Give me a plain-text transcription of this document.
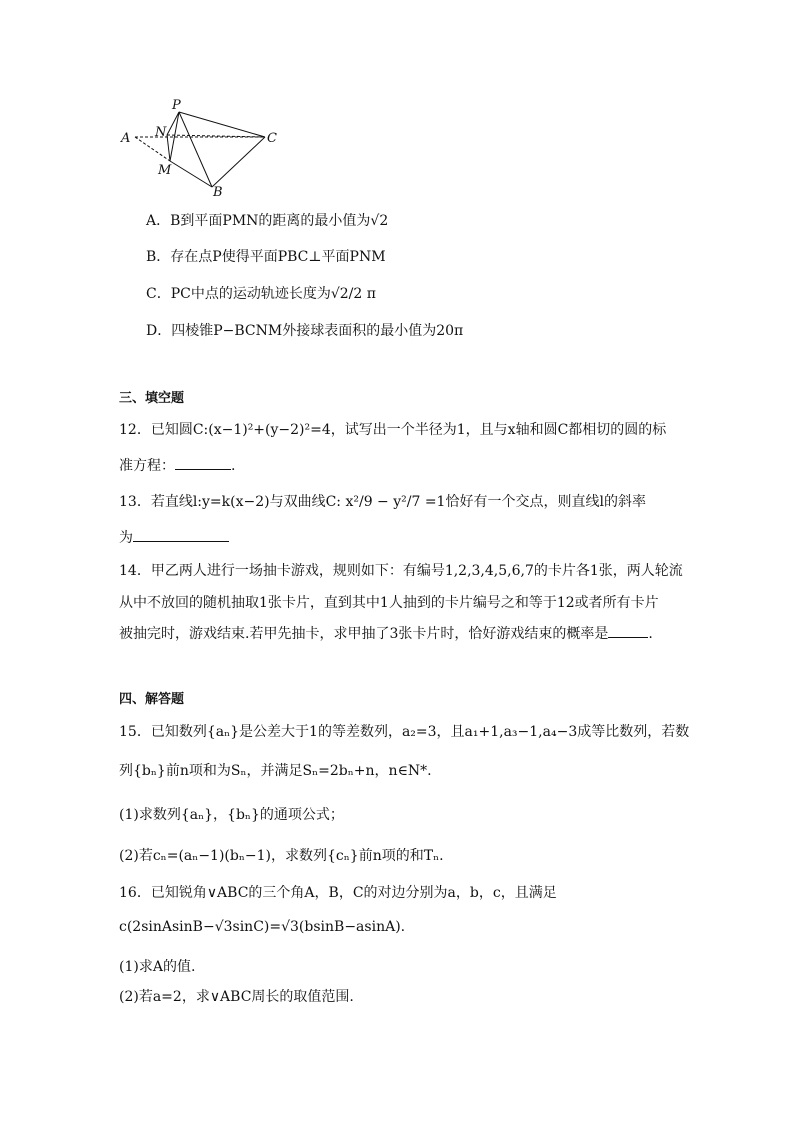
P
N
A	C
M
B
A．B到平面PMN的距离的最小值为√2
B．存在点P使得平面PBC⊥平面PNM
C．PC中点的运动轨迹长度为√2/2 π
D．四棱锥P−BCNM外接球表面积的最小值为20π
三、填空题
12．已知圆C:(x−1)²+(y−2)²=4，试写出一个半径为1，且与x轴和圆C都相切的圆的标
准方程：	.
13．若直线l:y=k(x−2)与双曲线C: x²/9 − y²/7 =1恰好有一个交点，则直线l的斜率
为
14．甲乙两人进行一场抽卡游戏，规则如下：有编号1,2,3,4,5,6,7的卡片各1张，两人轮流
从中不放回的随机抽取1张卡片，直到其中1人抽到的卡片编号之和等于12或者所有卡片
被抽完时，游戏结束.若甲先抽卡，求甲抽了3张卡片时，恰好游戏结束的概率是	.
四、解答题
15．已知数列{aₙ}是公差大于1的等差数列，a₂=3，且a₁+1,a₃−1,a₄−3成等比数列，若数
列{bₙ}前n项和为Sₙ，并满足Sₙ=2bₙ+n，n∈N*.
(1)求数列{aₙ}，{bₙ}的通项公式；
(2)若cₙ=(aₙ−1)(bₙ−1)，求数列{cₙ}前n项的和Tₙ.
16．已知锐角∨ABC的三个角A，B，C的对边分别为a，b，c，且满足
c(2sinAsinB−√3sinC)=√3(bsinB−asinA).
(1)求A的值.
(2)若a=2，求∨ABC周长的取值范围.
